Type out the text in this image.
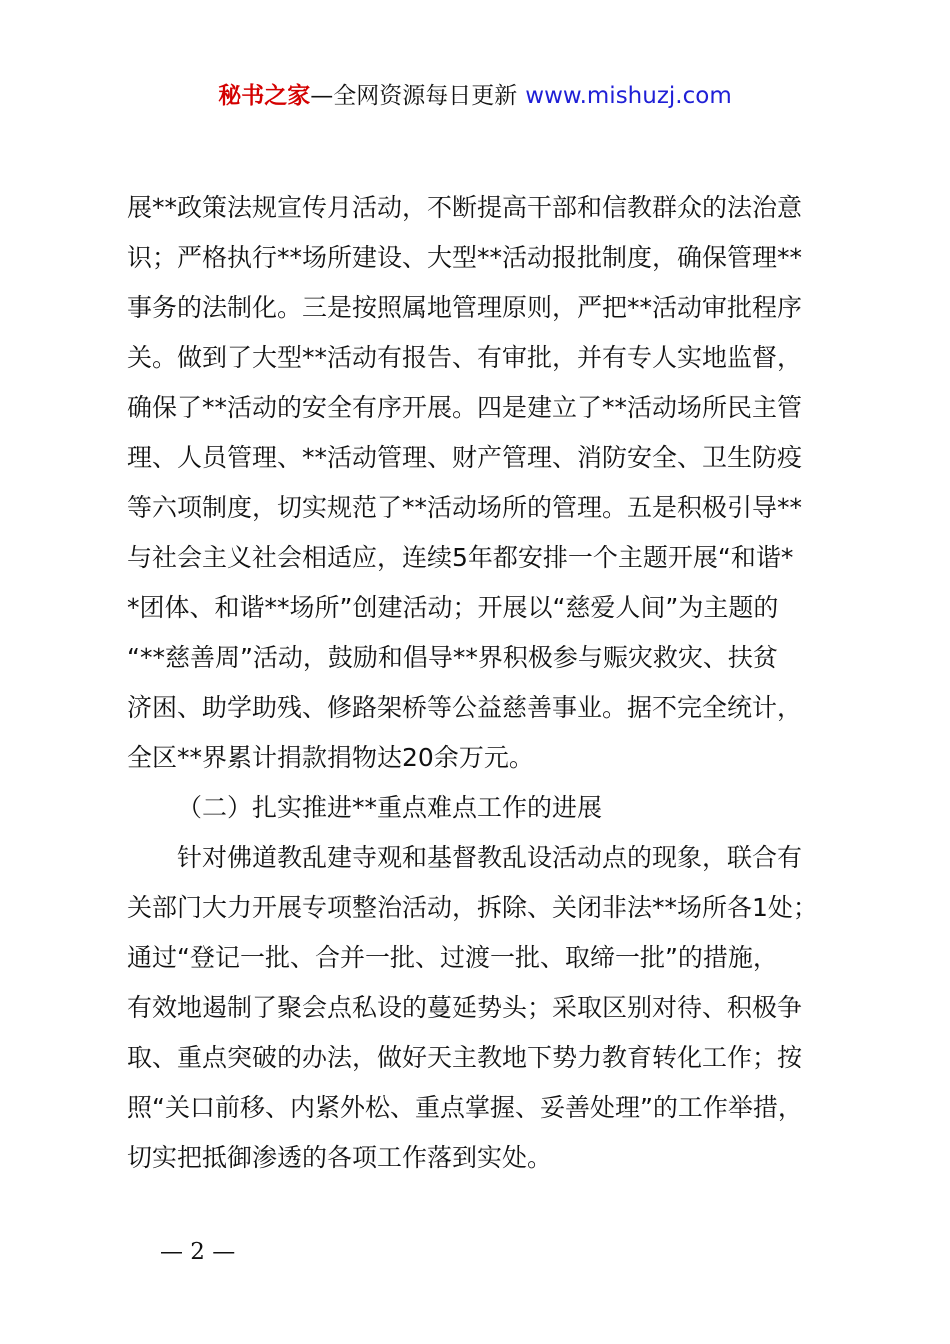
秘书之家—全网资源每日更新 www.mishuzj.com
展**政策法规宣传月活动，不断提高干部和信教群众的法治意
识；严格执行**场所建设、大型**活动报批制度，确保管理**
事务的法制化。三是按照属地管理原则，严把**活动审批程序
关。做到了大型**活动有报告、有审批，并有专人实地监督，
确保了**活动的安全有序开展。四是建立了**活动场所民主管
理、人员管理、**活动管理、财产管理、消防安全、卫生防疫
等六项制度，切实规范了**活动场所的管理。五是积极引导**
与社会主义社会相适应，连续5年都安排一个主题开展“和谐*
*团体、和谐**场所”创建活动；开展以“慈爱人间”为主题的
“**慈善周”活动，鼓励和倡导**界积极参与赈灾救灾、扶贫
济困、助学助残、修路架桥等公益慈善事业。据不完全统计，
全区**界累计捐款捐物达20余万元。
（二）扎实推进**重点难点工作的进展
针对佛道教乱建寺观和基督教乱设活动点的现象，联合有
关部门大力开展专项整治活动，拆除、关闭非法**场所各1处；
通过“登记一批、合并一批、过渡一批、取缔一批”的措施，
有效地遏制了聚会点私设的蔓延势头；采取区别对待、积极争
取、重点突破的办法，做好天主教地下势力教育转化工作；按
照“关口前移、内紧外松、重点掌握、妥善处理”的工作举措，
切实把抵御渗透的各项工作落到实处。
— 2 —
